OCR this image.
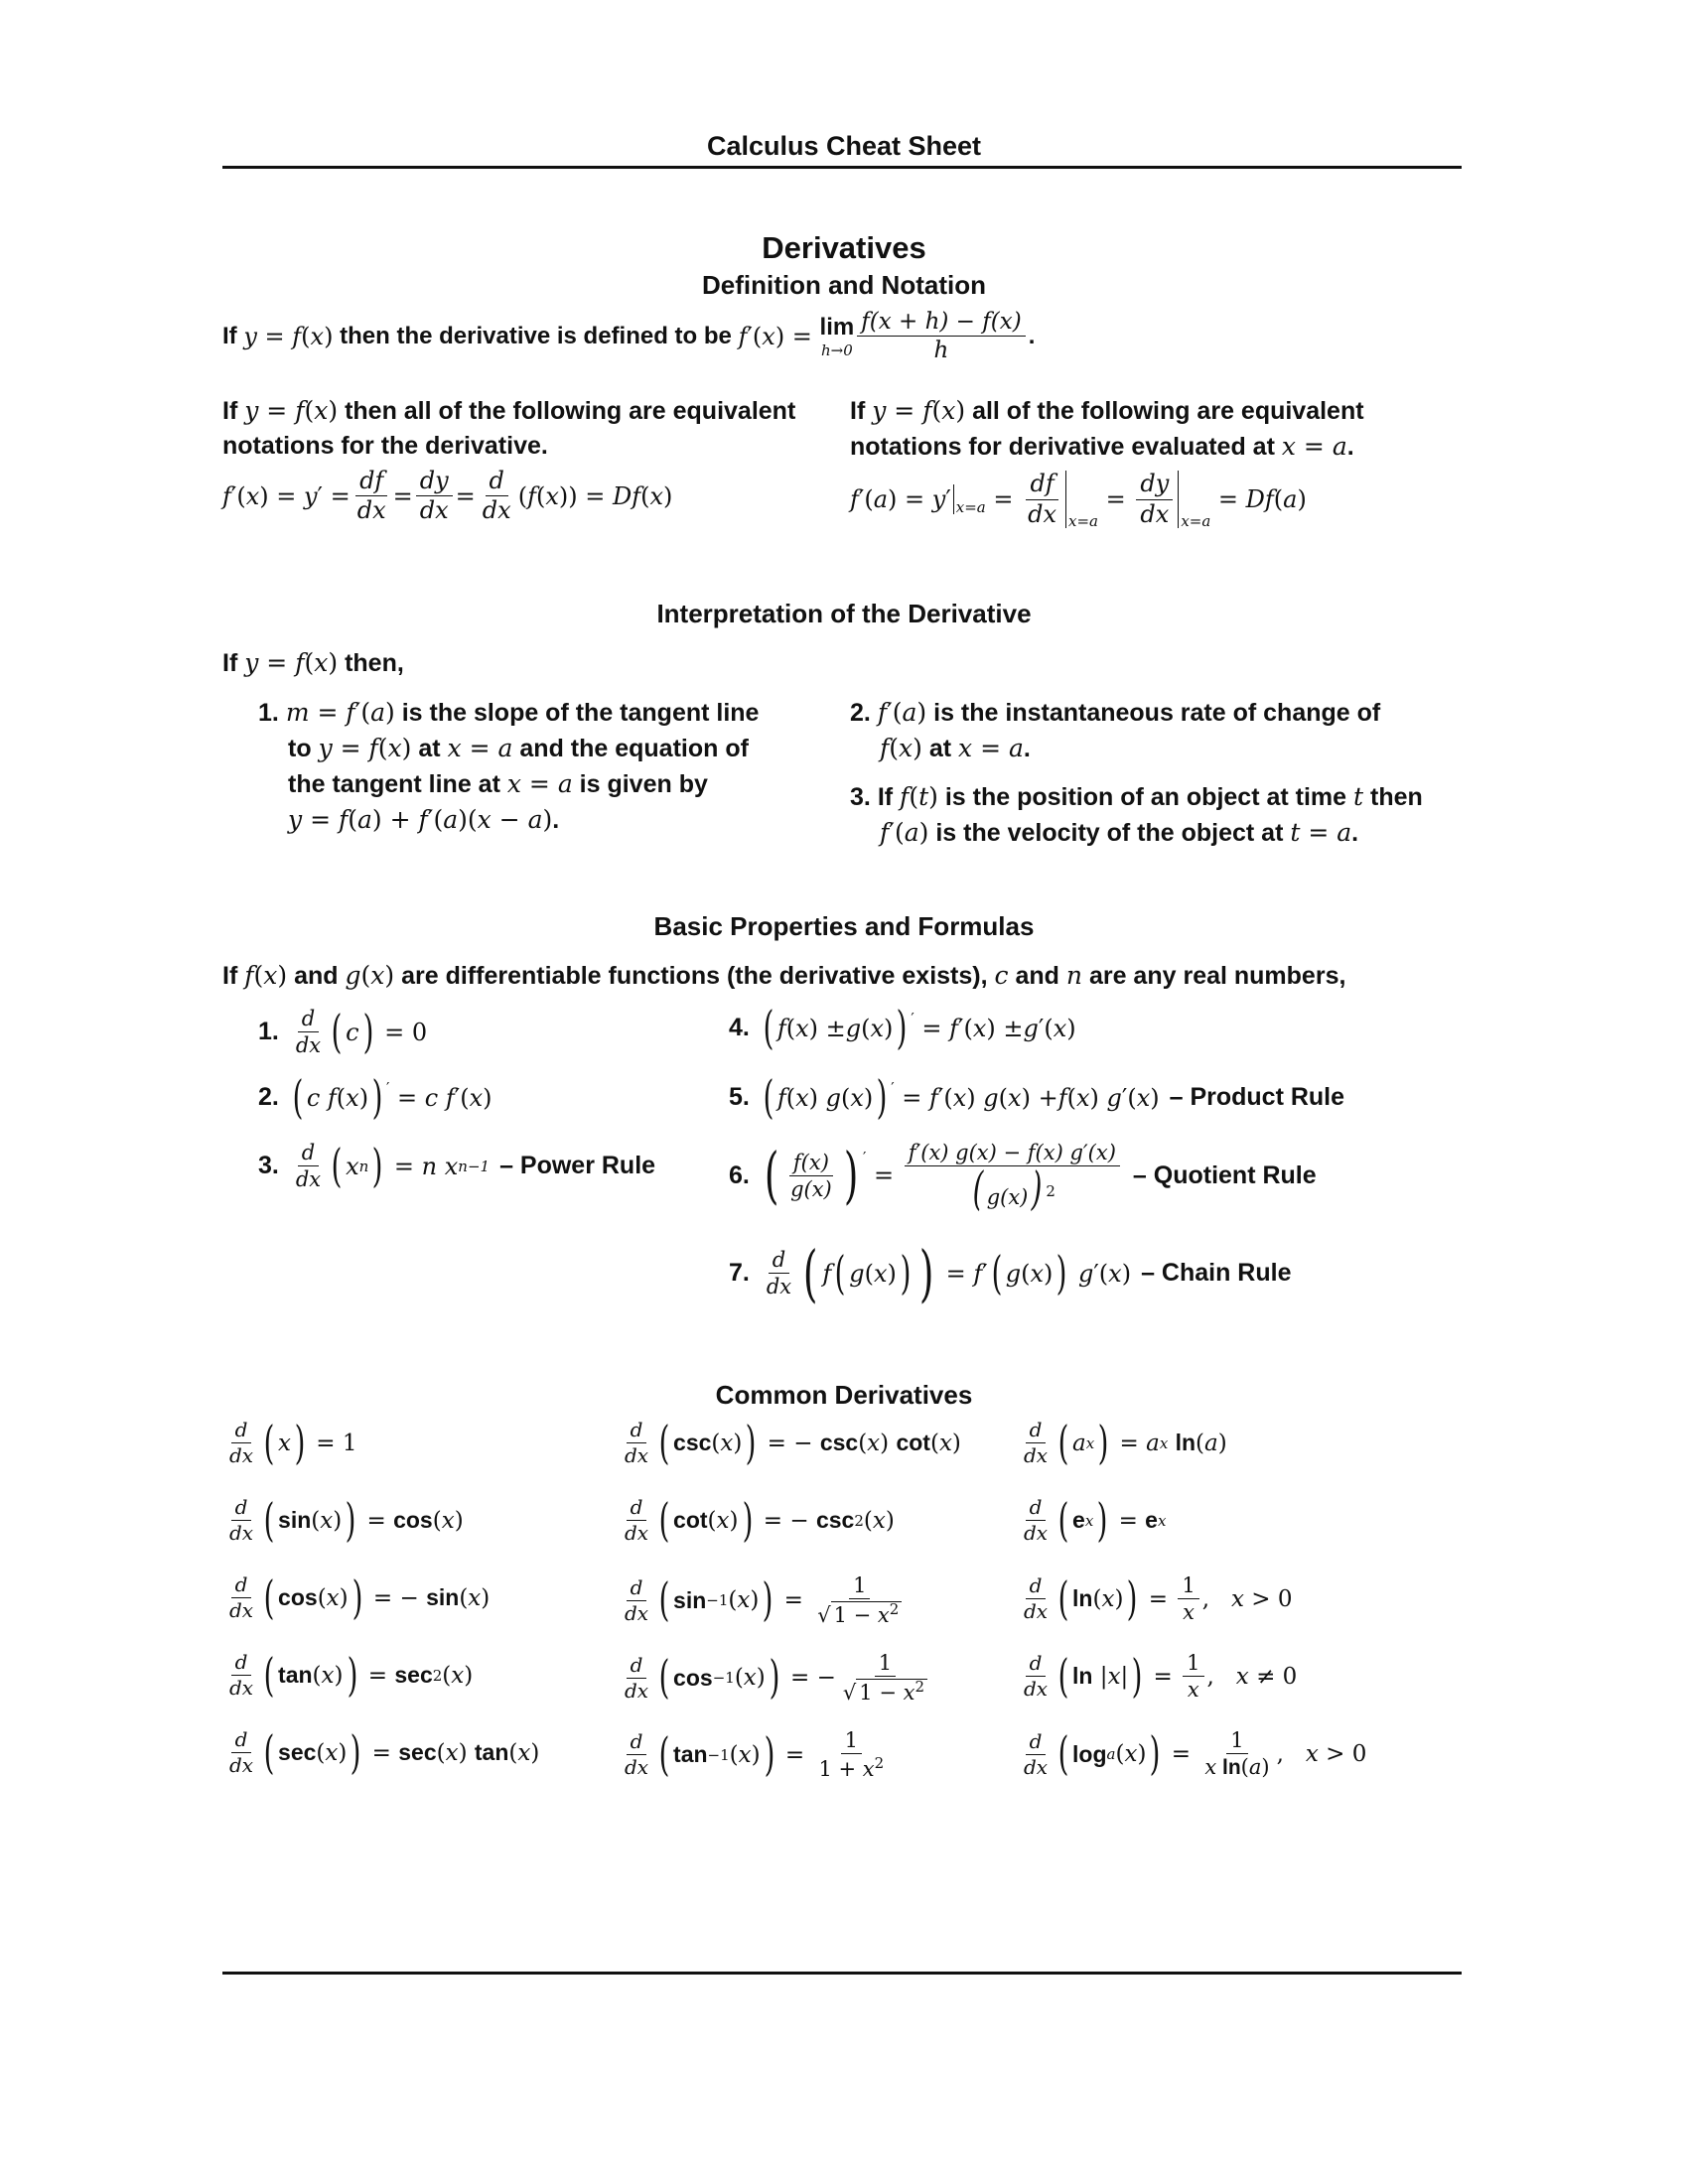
Calculus Cheat Sheet
Derivatives
Definition and Notation
If
y = f ( x )
then the derivative is defined to be
f ′( x ) = lim
$h\to 0 \frac{f(x + h) - f(x)}{h}$ .
If y = f(x) then all of the following are equivalent
notations for the derivative.
f ′( x ) = y ′ = $\frac{df}{dx} = \frac{dy}{dx} = \frac{d}{dx}$ ( f ( x )) = Df ( x )
If y = f(x) all of the following are equivalent
notations for derivative evaluated at x = a.
f ′( a ) = y ′ $_{x=a} = \frac{df}{dx} _{x=a}$
= $\frac{dy}{dx} _{x=a}$
= Df ( a )
Interpretation of the Derivative
If y = f(x) then,
1. m = f′(a) is the slope of the tangent line
to y = f(x) at x = a and the equation of
the tangent line at x = a is given by
y = f(a) + f′(a)(x − a).
2. f′(a) is the instantaneous rate of change of
f(x) at x = a.
3. If f(t) is the position of an object at time t then
f′(a) is the velocity of the object at t = a.
Basic Properties and Formulas
If f(x) and g(x) are differentiable functions (the derivative exists), c and n are any real numbers,
1. $\frac{d}{dx}$ ( c ) = 0
2. ( c f ( x ) )′ = c f ′( x )
3. $\frac{d}{dx}$ ( x n ) = n x n−1 – Power Rule
4. ( f ( x ) ± g ( x ) )′ = f ′( x ) ± g ′( x )
5. ( f ( x ) g ( x ) )′ = f ′( x ) g ( x ) + f ( x ) g ′( x ) – Product Rule
6. ( $\frac{f(x)}{g(x)}$ ) ′
= $\frac{f'(x) g(x) - f(x) g'(x)}{( g(x)) ^2}$ – Quotient Rule
7. $\frac{d}{dx}$ ( f ( g ( x ) ) ) = f ′ ( g ( x ) ) g ′( x ) – Chain Rule
Common Derivatives
$\frac{d}{dx}$ ( x ) = 1
$\frac{d}{dx}$ ( sin ( x ) ) = cos ( x )
$\frac{d}{dx}$ ( cos ( x ) ) = − sin ( x )
$\frac{d}{dx}$ ( tan ( x ) ) = sec 2 ( x )
$\frac{d}{dx}$ ( sec ( x ) ) = sec ( x ) tan ( x )
$\frac{d}{dx}$ ( csc ( x ) ) = − csc ( x ) cot ( x )
$\frac{d}{dx}$ ( cot ( x ) ) = − csc 2 ( x )
$\frac{d}{dx}$ ( sin −1 ( x ) ) = $\frac{1}{√ 1 - x^2}$
$\frac{d}{dx}$ ( cos −1 ( x ) ) = − $\frac{1}{√ 1 - x^2}$
$\frac{d}{dx}$ ( tan −1 ( x ) ) = $\frac{1}{1 + x^2}$
$\frac{d}{dx}$ ( a x ) = a x
ln ( a )
$\frac{d}{dx}$ ( e x ) = e x
$\frac{d}{dx}$ ( ln ( x ) ) = $\frac{1}{x}$ , x > 0
$\frac{d}{dx}$ ( ln | x | ) = $\frac{1}{x}$ , x ≠ 0
$\frac{d}{dx}$ ( log a ( x ) ) = $\frac{1}{\text{x ln(a)}}$ , x > 0
